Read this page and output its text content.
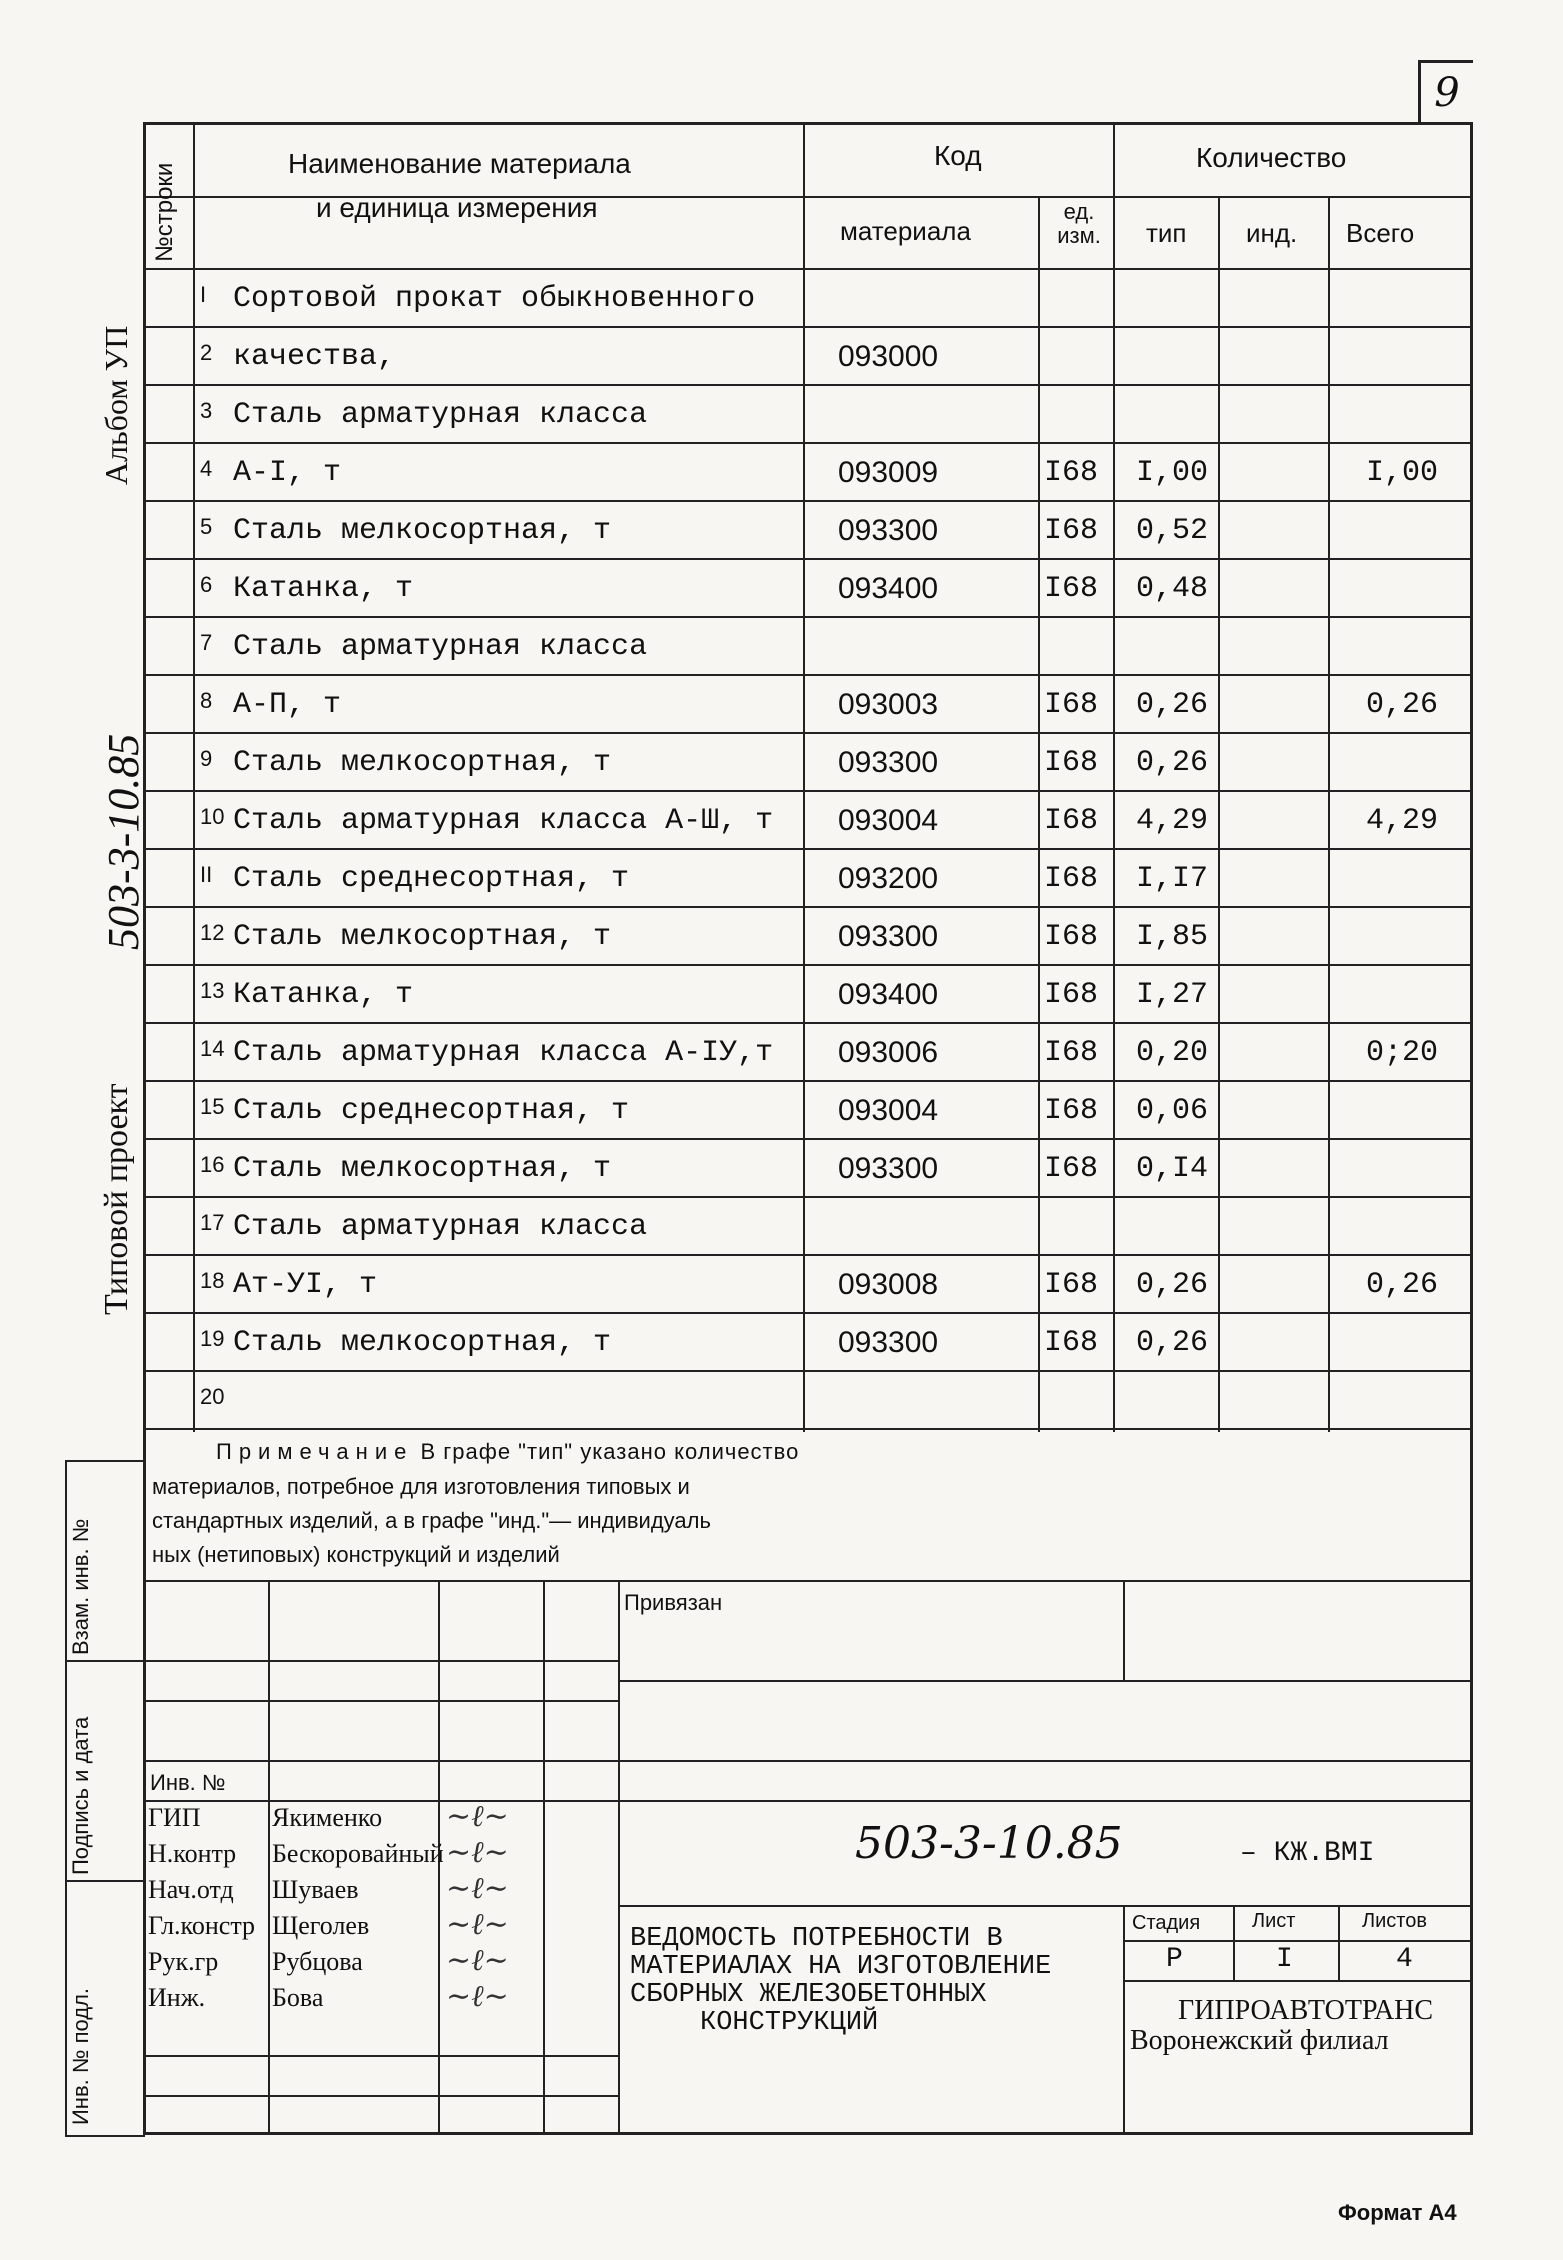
9
Взам. инв. №
Подпись и дата
Инв. № подл.
Альбом УП
503-3-10.85
Типовой проект
№строки	Наименование материала
и единица измерения
Код
материала
ед. изм.
Количество
тип инд. Всего
I Сортовой прокат обыкновенного
2 качества,	093000
3 Сталь арматурная класса
4 А-I, т	093009	I68 I,00	I,00
5 Сталь мелкосортная, т	093300	I68 0,52
6 Катанка, т	093400	I68 0,48
7 Сталь арматурная класса
8 А-П, т	093003	I68 0,26	0,26
9 Сталь мелкосортная, т	093300	I68 0,26
10 Сталь арматурная класса А-Ш, т 093004	I68 4,29	4,29
II Сталь среднесортная, т	093200	I68 I,I7
12 Сталь мелкосортная, т	093300	I68 I,85
13 Катанка, т	093400	I68 I,27
14 Сталь арматурная класса А-IУ,т 093006	I68 0,20	0;20
15 Сталь среднесортная, т	093004	I68 0,06
16 Сталь мелкосортная, т	093300	I68 0,I4
17 Сталь арматурная класса
18 Ат-УI, т	093008	I68 0,26	0,26
19 Сталь мелкосортная, т	093300	I68 0,26
20
Примечание В графе "тип" указано количество
материалов, потребное для изготовления типовых и
стандартных изделий, а в графе "инд."— индивидуаль
ных (нетиповых) конструкций и изделий
Привязан
Инв. №
ГИП	Якименко ∼ℓ∼
Н.контр Бескоровайный ∼ℓ∼
Нач.отд Шуваев	∼ℓ∼
Гл.констр Щеголев	∼ℓ∼
Рук.гр Рубцова	∼ℓ∼
Инж.	Бова	∼ℓ∼
503-3-10.85	– КЖ.ВМI
ВЕДОМОСТЬ ПОТРЕБНОСТИ В
МАТЕРИАЛАХ НА ИЗГОТОВЛЕНИЕ
СБОРНЫХ ЖЕЛЕЗОБЕТОННЫХ
КОНСТРУКЦИЙ
Стадия	Лист	Листов
Р	I	4
ГИПРОАВТОТРАНС
Воронежский филиал
Формат А4
